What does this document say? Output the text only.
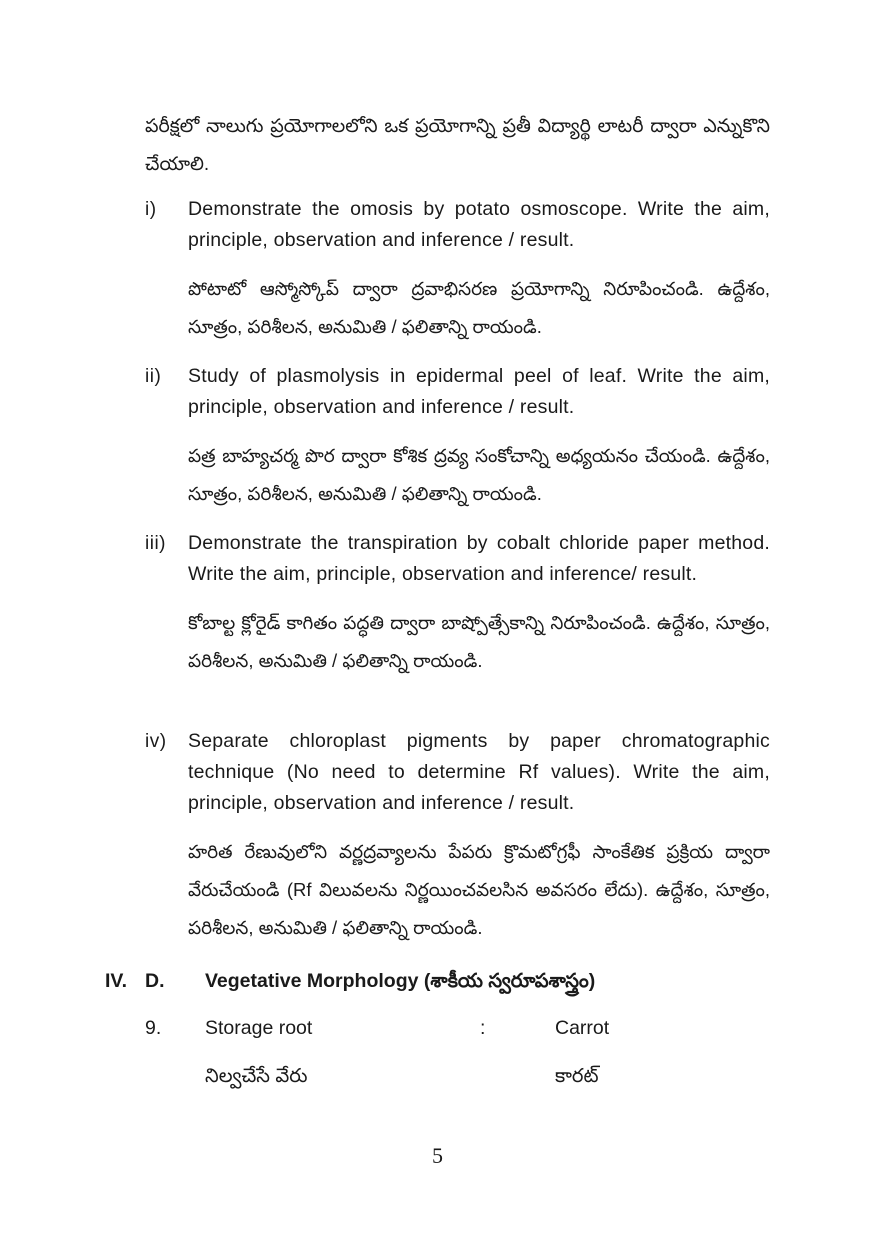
పరీక్షలో నాలుగు ప్రయోగాలలోని ఒక ప్రయోగాన్ని ప్రతీ విద్యార్థి లాటరీ ద్వారా ఎన్నుకొని చేయాలి.
i) Demonstrate the omosis by potato osmoscope. Write the aim, principle, observation and inference / result.
పోటాటో ఆస్మోస్కోప్ ద్వారా ద్రవాభిసరణ ప్రయోగాన్ని నిరూపించండి. ఉద్దేశం, సూత్రం, పరిశీలన, అనుమితి / ఫలితాన్ని రాయండి.
ii) Study of plasmolysis in epidermal peel of leaf. Write the aim, principle, observation and inference / result.
పత్ర బాహ్యచర్మ పొర ద్వారా కోశిక ద్రవ్య సంకోచాన్ని అధ్యయనం చేయండి. ఉద్దేశం, సూత్రం, పరిశీలన, అనుమితి / ఫలితాన్ని రాయండి.
iii) Demonstrate the transpiration by cobalt chloride paper method. Write the aim, principle, observation and inference/ result.
కోబాల్ట క్లోరైడ్ కాగితం పద్ధతి ద్వారా బాష్పోత్సేకాన్ని నిరూపించండి. ఉద్దేశం, సూత్రం, పరిశీలన, అనుమితి / ఫలితాన్ని రాయండి.
iv) Separate chloroplast pigments by paper chromatographic technique (No need to determine Rf values). Write the aim, principle, observation and inference / result.
హరిత రేణువులోని వర్ణద్రవ్యాలను పేపరు క్రొమటోగ్రఫీ సాంకేతిక ప్రక్రియ ద్వారా వేరుచేయండి (Rf విలువలను నిర్ణయించవలసిన అవసరం లేదు). ఉద్దేశం, సూత్రం, పరిశీలన, అనుమితి / ఫలితాన్ని రాయండి.
IV. D. Vegetative Morphology (శాకీయ స్వరూపశాస్త్రం)
9. Storage root	:	Carrot
నిల్వచేసే వేరు	కారట్
5
